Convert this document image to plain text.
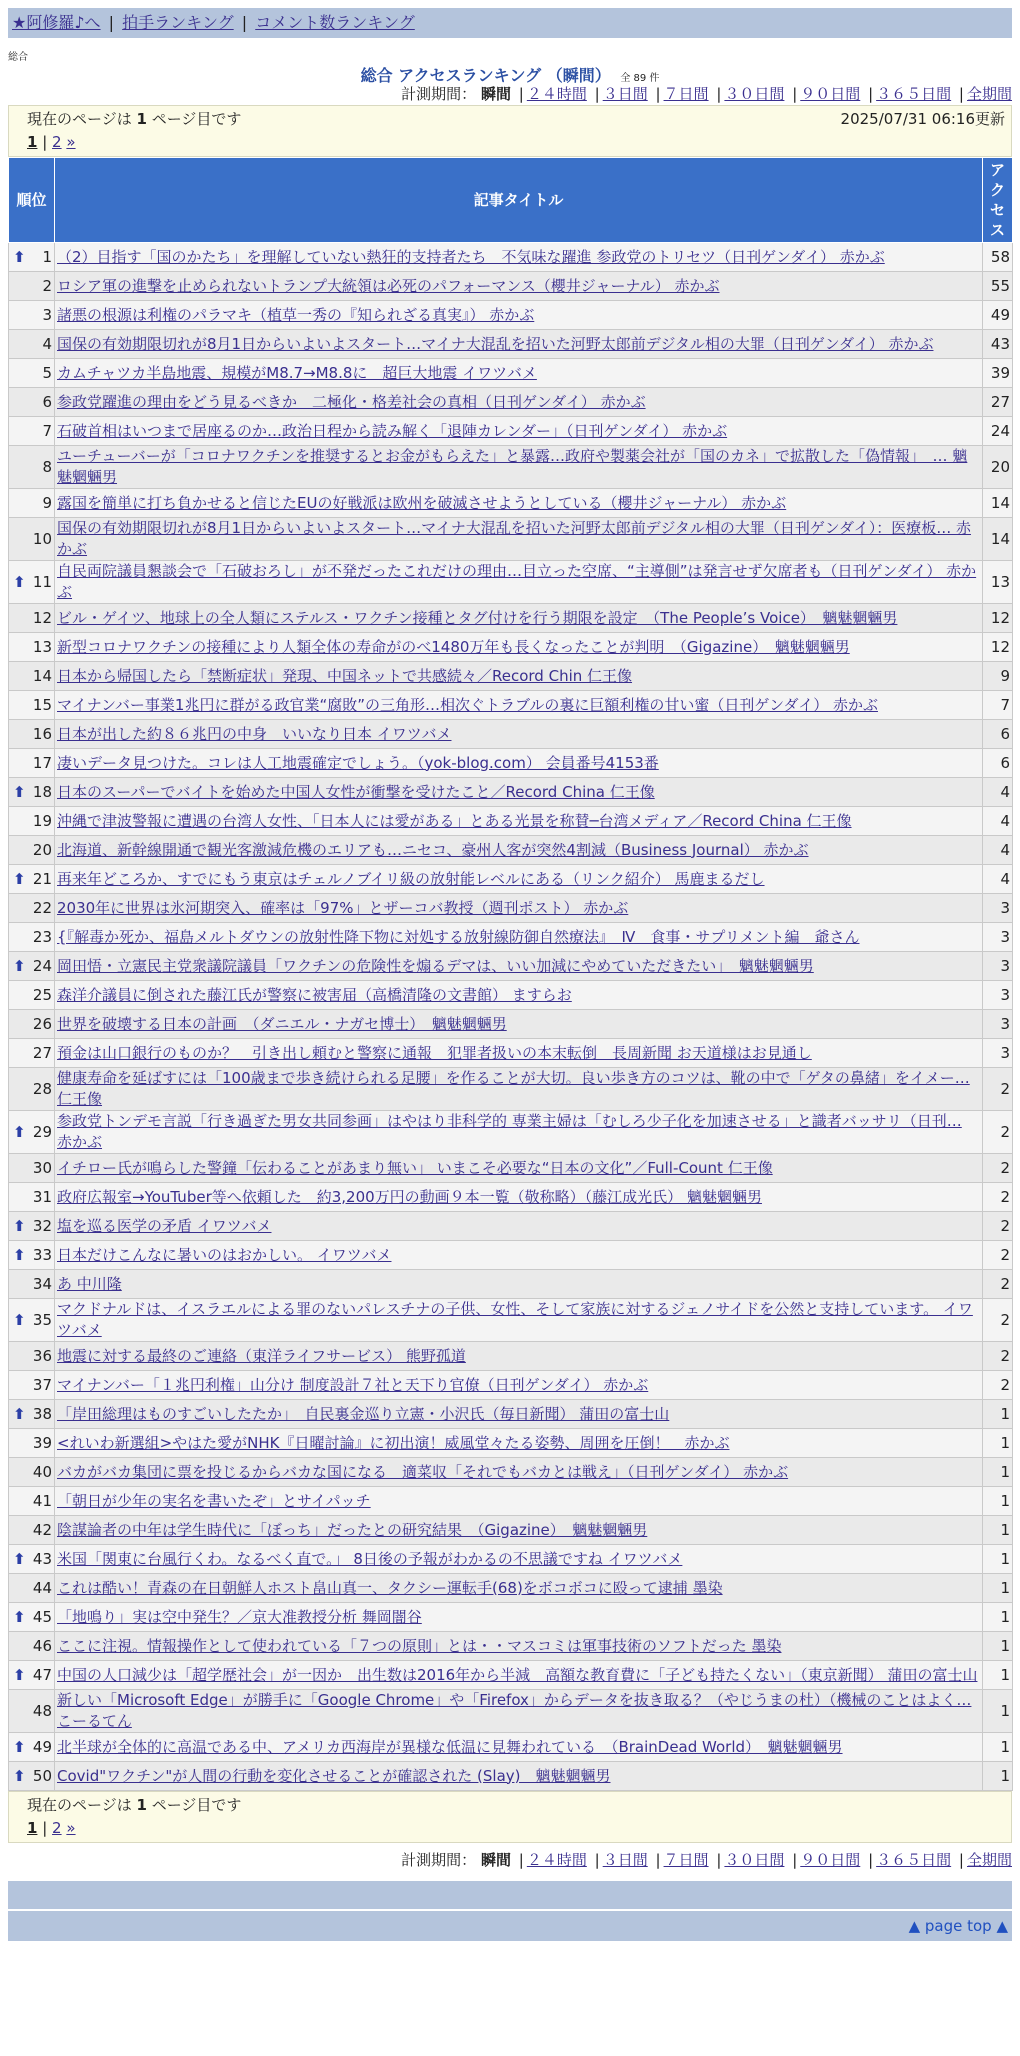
★阿修羅♪へ | 拍手ランキング | コメント数ランキング
総合
総合 アクセスランキング （瞬間） 全 89 件
計測期間： 瞬間 | ２４時間 | ３日間 | ７日間 | ３０日間 | ９０日間 | ３６５日間 | 全期間
現在のページは 1 ページ目です	2025/07/31 06:16更新
1 | 2 »
順位	記事タイトル	アクセス

⬆ 1	（2）目指す「国のかたち」を理解していない熱狂的支持者たち　不気味な躍進 参政党のトリセツ（日刊ゲンダイ） 赤かぶ	58
2	ロシア軍の進撃を止められないトランプ大統領は必死のパフォーマンス（櫻井ジャーナル） 赤かぶ	55
3	諸悪の根源は利権のパラマキ（植草一秀の『知られざる真実』） 赤かぶ	49
4	国保の有効期限切れが8月1日からいよいよスタート…マイナ大混乱を招いた河野太郎前デジタル相の大罪（日刊ゲンダイ） 赤かぶ	43
5	カムチャツカ半島地震、規模がM8.7→M8.8に　超巨大地震 イワツバメ	39
6	参政党躍進の理由をどう見るべきか　二極化・格差社会の真相（日刊ゲンダイ） 赤かぶ	27
7	石破首相はいつまで居座るのか…政治日程から読み解く「退陣カレンダー」（日刊ゲンダイ） 赤かぶ	24
8	ユーチューバーが「コロナワクチンを推奨するとお金がもらえた」と暴露…政府や製薬会社が「国のカネ」で拡散した「偽情報」　… 魑魅魍魎男	20
9	露国を簡単に打ち負かせると信じたEUの好戦派は欧州を破滅させようとしている（櫻井ジャーナル） 赤かぶ	14
10	国保の有効期限切れが8月1日からいよいよスタート…マイナ大混乱を招いた河野太郎前デジタル相の大罪（日刊ゲンダイ）：医療板… 赤かぶ	14

⬆ 11	自民両院議員懇談会で「石破おろし」が不発だったこれだけの理由…目立った空席、“主導側”は発言せず欠席者も（日刊ゲンダイ） 赤かぶ	13
12	ビル・ゲイツ、地球上の全人類にステルス・ワクチン接種とタグ付けを行う期限を設定　（The People’s Voice）　魑魅魍魎男	12
13	新型コロナワクチンの接種により人類全体の寿命がのべ1480万年も長くなったことが判明　（Gigazine）　魑魅魍魎男	12
14	日本から帰国したら「禁断症状」発現、中国ネットで共感続々／Record Chin 仁王像	9
15	マイナンバー事業1兆円に群がる政官業“腐敗”の三角形…相次ぐトラブルの裏に巨額利権の甘い蜜（日刊ゲンダイ） 赤かぶ	7
16	日本が出した約８６兆円の中身　いいなり日本 イワツバメ	6
17	凄いデータ見つけた。コレは人工地震確定でしょう。（yok-blog.com） 会員番号4153番	6

⬆ 18	日本のスーパーでバイトを始めた中国人女性が衝撃を受けたこと／Record China 仁王像	4
19	沖縄で津波警報に遭遇の台湾人女性、「日本人には愛がある」とある光景を称賛─台湾メディア／Record China 仁王像	4
20	北海道、新幹線開通で観光客激減危機のエリアも…ニセコ、豪州人客が突然4割減（Business Journal） 赤かぶ	4

⬆ 21	再来年どころか、すでにもう東京はチェルノブイリ級の放射能レベルにある（リンク紹介） 馬鹿まるだし	4
22	2030年に世界は氷河期突入、確率は「97%」とザーコバ教授（週刊ポスト） 赤かぶ	3
23	{『解毒か死か、福島メルトダウンの放射性降下物に対処する放射線防御自然療法』　Ⅳ　食事・サプリメント編　爺さん	3

⬆ 24	岡田悟・立憲民主党衆議院議員「ワクチンの危険性を煽るデマは、いい加減にやめていただきたい」　魑魅魍魎男	3
25	森洋介議員に倒された藤江氏が警察に被害届（高橋清隆の文書館） ますらお	3
26	世界を破壊する日本の計画　（ダニエル・ナガセ博士）　魑魅魍魎男	3
27	預金は山口銀行のものか？　引き出し頼むと警察に通報　犯罪者扱いの本末転倒　長周新聞 お天道様はお見通し	3
28	健康寿命を延ばすには「100歳まで歩き続けられる足腰」を作ることが大切。良い歩き方のコツは、靴の中で「ゲタの鼻緒」をイメー… 仁王像	2

⬆ 29	参政党トンデモ言説「行き過ぎた男女共同参画」はやはり非科学的 専業主婦は「むしろ少子化を加速させる」と識者バッサリ（日刊… 赤かぶ	2
30	イチロー氏が鳴らした警鐘「伝わることがあまり無い」 いまこそ必要な“日本の文化”／Full-Count 仁王像	2
31	政府広報室→YouTuber等へ依頼した　約3,200万円の動画９本一覧（敬称略）（藤江成光氏） 魑魅魍魎男	2

⬆ 32	塩を巡る医学の矛盾 イワツバメ	2

⬆ 33	日本だけこんなに暑いのはおかしい。 イワツバメ	2
34	あ 中川隆	2

⬆ 35	マクドナルドは、イスラエルによる罪のないパレスチナの子供、女性、そして家族に対するジェノサイドを公然と支持しています。 イワツバメ	2
36	地震に対する最終のご連絡（東洋ライフサービス） 熊野孤道	2
37	マイナンバー「１兆円利権」山分け 制度設計７社と天下り官僚（日刊ゲンダイ） 赤かぶ	2

⬆ 38	「岸田総理はものすごいしたたか」　自民裏金巡り立憲・小沢氏（毎日新聞） 蒲田の富士山	1
39	<れいわ新選組>やはた愛がNHK『日曜討論』に初出演！威風堂々たる姿勢、周囲を圧倒！　赤かぶ	1
40	バカがバカ集団に票を投じるからバカな国になる　適菜収「それでもバカとは戦え」（日刊ゲンダイ） 赤かぶ	1
41	「朝日が少年の実名を書いたぞ」とサイパッチ	1
42	陰謀論者の中年は学生時代に「ぼっち」だったとの研究結果　（Gigazine）　魑魅魍魎男	1

⬆ 43	米国「関東に台風行くわ。なるべく直で。」 8日後の予報がわかるの不思議ですね イワツバメ	1
44	これは酷い！青森の在日朝鮮人ホスト畠山真一、タクシー運転手(68)をボコボコに殴って逮捕 墨染	1

⬆ 45	「地鳴り」実は空中発生？／京大准教授分析 舞岡闇谷	1
46	ここに注視。情報操作として使われている「７つの原則」とは・・マスコミは軍事技術のソフトだった 墨染	1

⬆ 47	中国の人口減少は「超学歴社会」が一因か　出生数は2016年から半減　高額な教育費に「子ども持たくない」（東京新聞） 蒲田の富士山	1
48	新しい「Microsoft Edge」が勝手に「Google Chrome」や「Firefox」からデータを抜き取る？（やじうまの杜）（機械のことはよく… こーるてん	1

⬆ 49	北半球が全体的に高温である中、アメリカ西海岸が異様な低温に見舞われている　（BrainDead World）　魑魅魍魎男	1

⬆ 50	Covid"ワクチン"が人間の行動を変化させることが確認された (Slay)　魑魅魍魎男	1
現在のページは 1 ページ目です
1 | 2 »
計測期間： 瞬間 | ２４時間 | ３日間 | ７日間 | ３０日間 | ９０日間 | ３６５日間 | 全期間
▲ page top ▲
